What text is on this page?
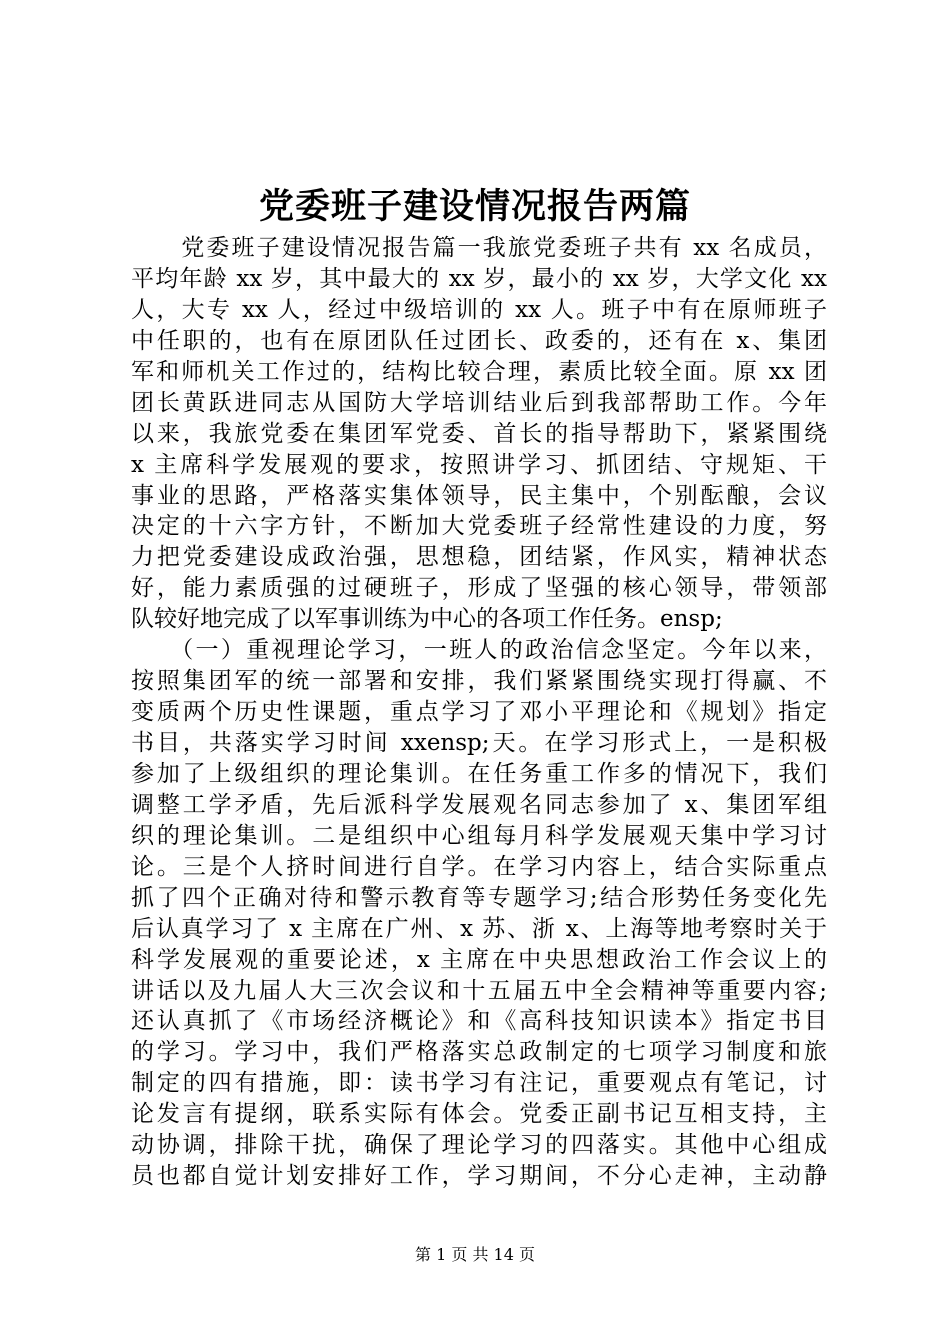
党委班子建设情况报告两篇
　　党委班子建设情况报告篇一我旅党委班子共有 xx 名成员，
平均年龄 xx 岁，其中最大的 xx 岁，最小的 xx 岁，大学文化 xx
人，大专 xx 人，经过中级培训的 xx 人。班子中有在原师班子
中任职的，也有在原团队任过团长、政委的，还有在 x、集团
军和师机关工作过的，结构比较合理，素质比较全面。原 xx 团
团长黄跃进同志从国防大学培训结业后到我部帮助工作。今年
以来，我旅党委在集团军党委、首长的指导帮助下，紧紧围绕
x 主席科学发展观的要求，按照讲学习、抓团结、守规矩、干
事业的思路，严格落实集体领导，民主集中，个别酝酿，会议
决定的十六字方针，不断加大党委班子经常性建设的力度，努
力把党委建设成政治强，思想稳，团结紧，作风实，精神状态
好，能力素质强的过硬班子，形成了坚强的核心领导，带领部
队较好地完成了以军事训练为中心的各项工作任务。ensp;
　　（一）重视理论学习，一班人的政治信念坚定。今年以来，
按照集团军的统一部署和安排，我们紧紧围绕实现打得赢、不
变质两个历史性课题，重点学习了邓小平理论和《规划》指定
书目，共落实学习时间 xxensp;天。在学习形式上，一是积极
参加了上级组织的理论集训。在任务重工作多的情况下，我们
调整工学矛盾，先后派科学发展观名同志参加了 x、集团军组
织的理论集训。二是组织中心组每月科学发展观天集中学习讨
论。三是个人挤时间进行自学。在学习内容上，结合实际重点
抓了四个正确对待和警示教育等专题学习;结合形势任务变化先
后认真学习了 x 主席在广州、x 苏、浙 x、上海等地考察时关于
科学发展观的重要论述，x 主席在中央思想政治工作会议上的
讲话以及九届人大三次会议和十五届五中全会精神等重要内容;
还认真抓了《市场经济概论》和《高科技知识读本》指定书目
的学习。学习中，我们严格落实总政制定的七项学习制度和旅
制定的四有措施，即：读书学习有注记，重要观点有笔记，讨
论发言有提纲，联系实际有体会。党委正副书记互相支持，主
动协调，排除干扰，确保了理论学习的四落实。其他中心组成
员也都自觉计划安排好工作，学习期间，不分心走神，主动静
第 1 页 共 14 页
